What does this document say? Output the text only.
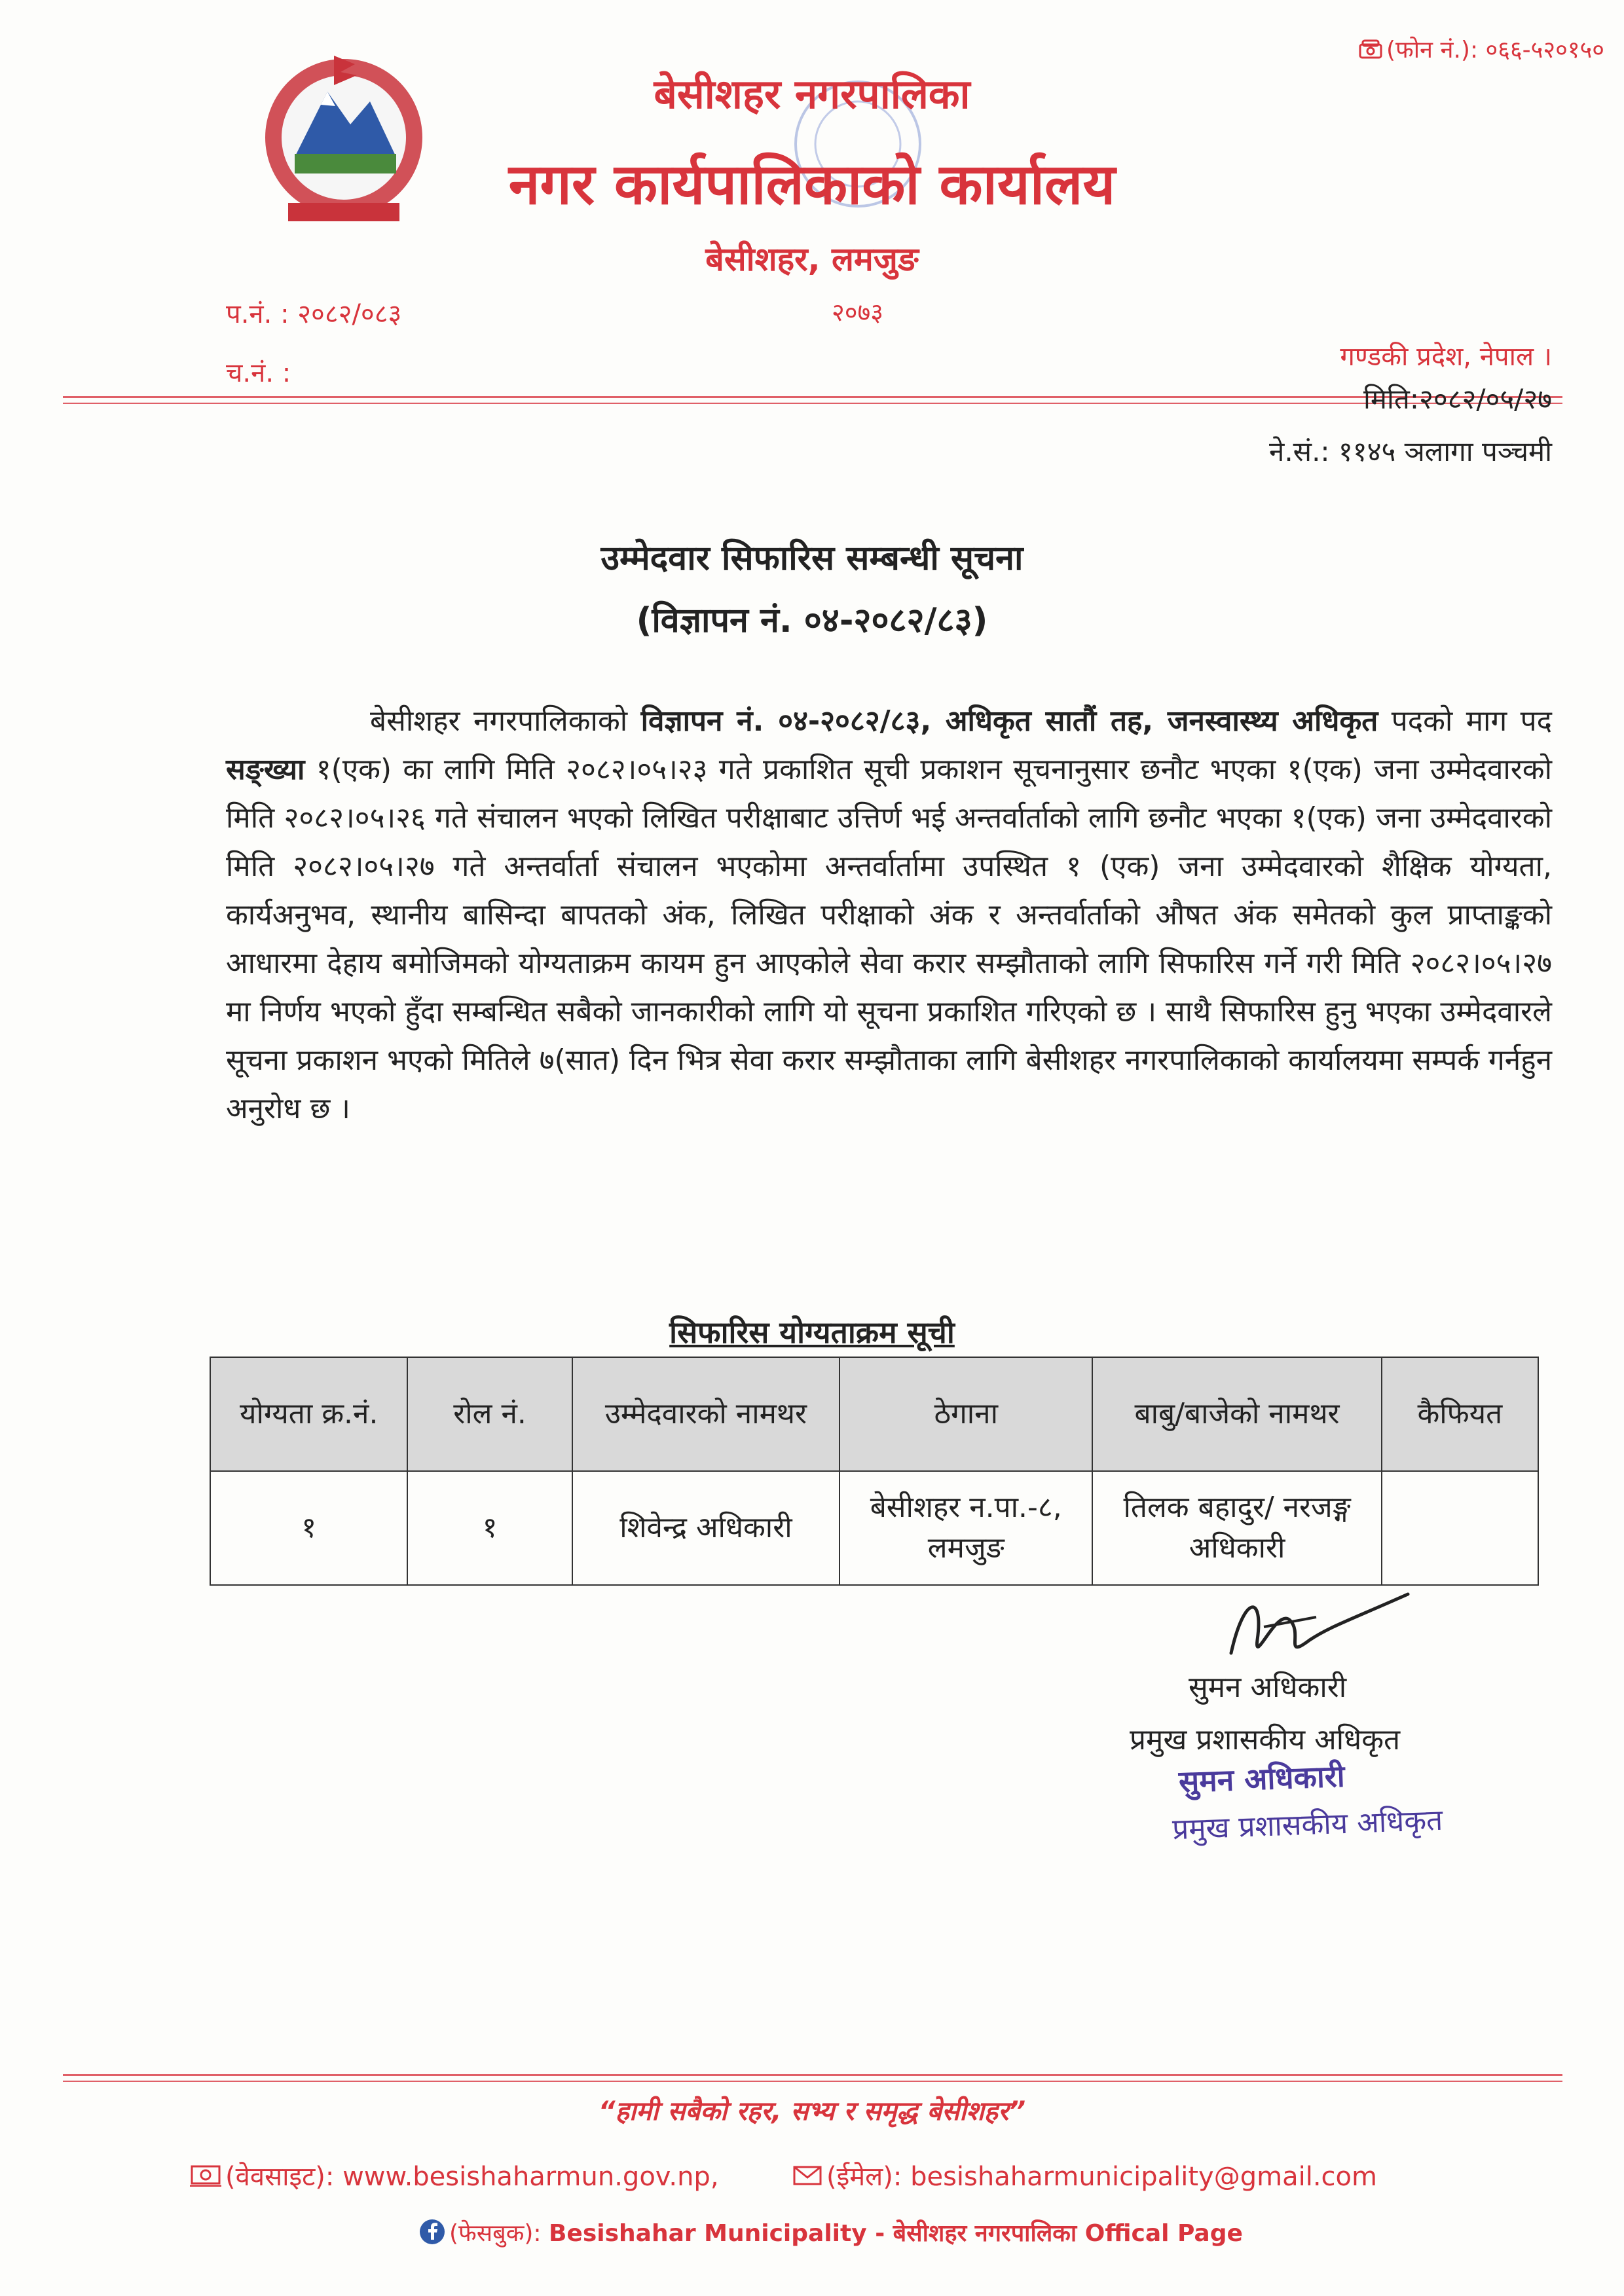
(फोन नं.): ०६६-५२०१५०
बेसीशहर नगरपालिका
नगर कार्यपालिकाको कार्यालय
बेसीशहर, लमजुङ
२०७३
प.नं. : २०८२/०८३
च.नं. :
गण्डकी प्रदेश, नेपाल ।
मिति:२०८२/०५/२७
ने.सं.: ११४५ ञलागा पञ्चमी
उम्मेदवार सिफारिस सम्बन्धी सूचना
(विज्ञापन नं. ०४-२०८२/८३)
बेसीशहर नगरपालिकाको विज्ञापन नं. ०४-२०८२/८३, अधिकृत सातौं तह, जनस्वास्थ्य अधिकृत पदको माग पद सङ्ख्या १(एक) का लागि मिति २०८२।०५।२३ गते प्रकाशित सूची प्रकाशन सूचनानुसार छनौट भएका १(एक) जना उम्मेदवारको मिति २०८२।०५।२६ गते संचालन भएको लिखित परीक्षाबाट उत्तिर्ण भई अन्तर्वार्ताको लागि छनौट भएका १(एक) जना उम्मेदवारको मिति २०८२।०५।२७ गते अन्तर्वार्ता संचालन भएकोमा अन्तर्वार्तामा उपस्थित १ (एक) जना उम्मेदवारको शैक्षिक योग्यता, कार्यअनुभव, स्थानीय बासिन्दा बापतको अंक, लिखित परीक्षाको अंक र अन्तर्वार्ताको औषत अंक समेतको कुल प्राप्ताङ्कको आधारमा देहाय बमोजिमको योग्यताक्रम कायम हुन आएकोले सेवा करार सम्झौताको लागि सिफारिस गर्ने गरी मिति २०८२।०५।२७ मा निर्णय भएको हुँदा सम्बन्धित सबैको जानकारीको लागि यो सूचना प्रकाशित गरिएको छ । साथै सिफारिस हुनु भएका उम्मेदवारले सूचना प्रकाशन भएको मितिले ७(सात) दिन भित्र सेवा करार सम्झौताका लागि बेसीशहर नगरपालिकाको कार्यालयमा सम्पर्क गर्नहुन अनुरोध छ ।
सिफारिस योग्यताक्रम सूची
योग्यता क्र.नं.	रोल नं.	उम्मेदवारको नामथर	ठेगाना	बाबु/बाजेको नामथर	कैफियत
१	१	शिवेन्द्र अधिकारी	बेसीशहर न.पा.-८, लमजुङ	तिलक बहादुर/ नरजङ्ग अधिकारी	
सुमन अधिकारी
प्रमुख प्रशासकीय अधिकृत
सुमन अधिकारी
प्रमुख प्रशासकीय अधिकृत
“हामी सबैको रहर, सभ्य र समृद्ध बेसीशहर”
(वेवसाइट): www.besishaharmun.gov.np,	(ईमेल): besishaharmunicipality@gmail.com
(फेसबुक): Besishahar Municipality - बेसीशहर नगरपालिका Offical Page
